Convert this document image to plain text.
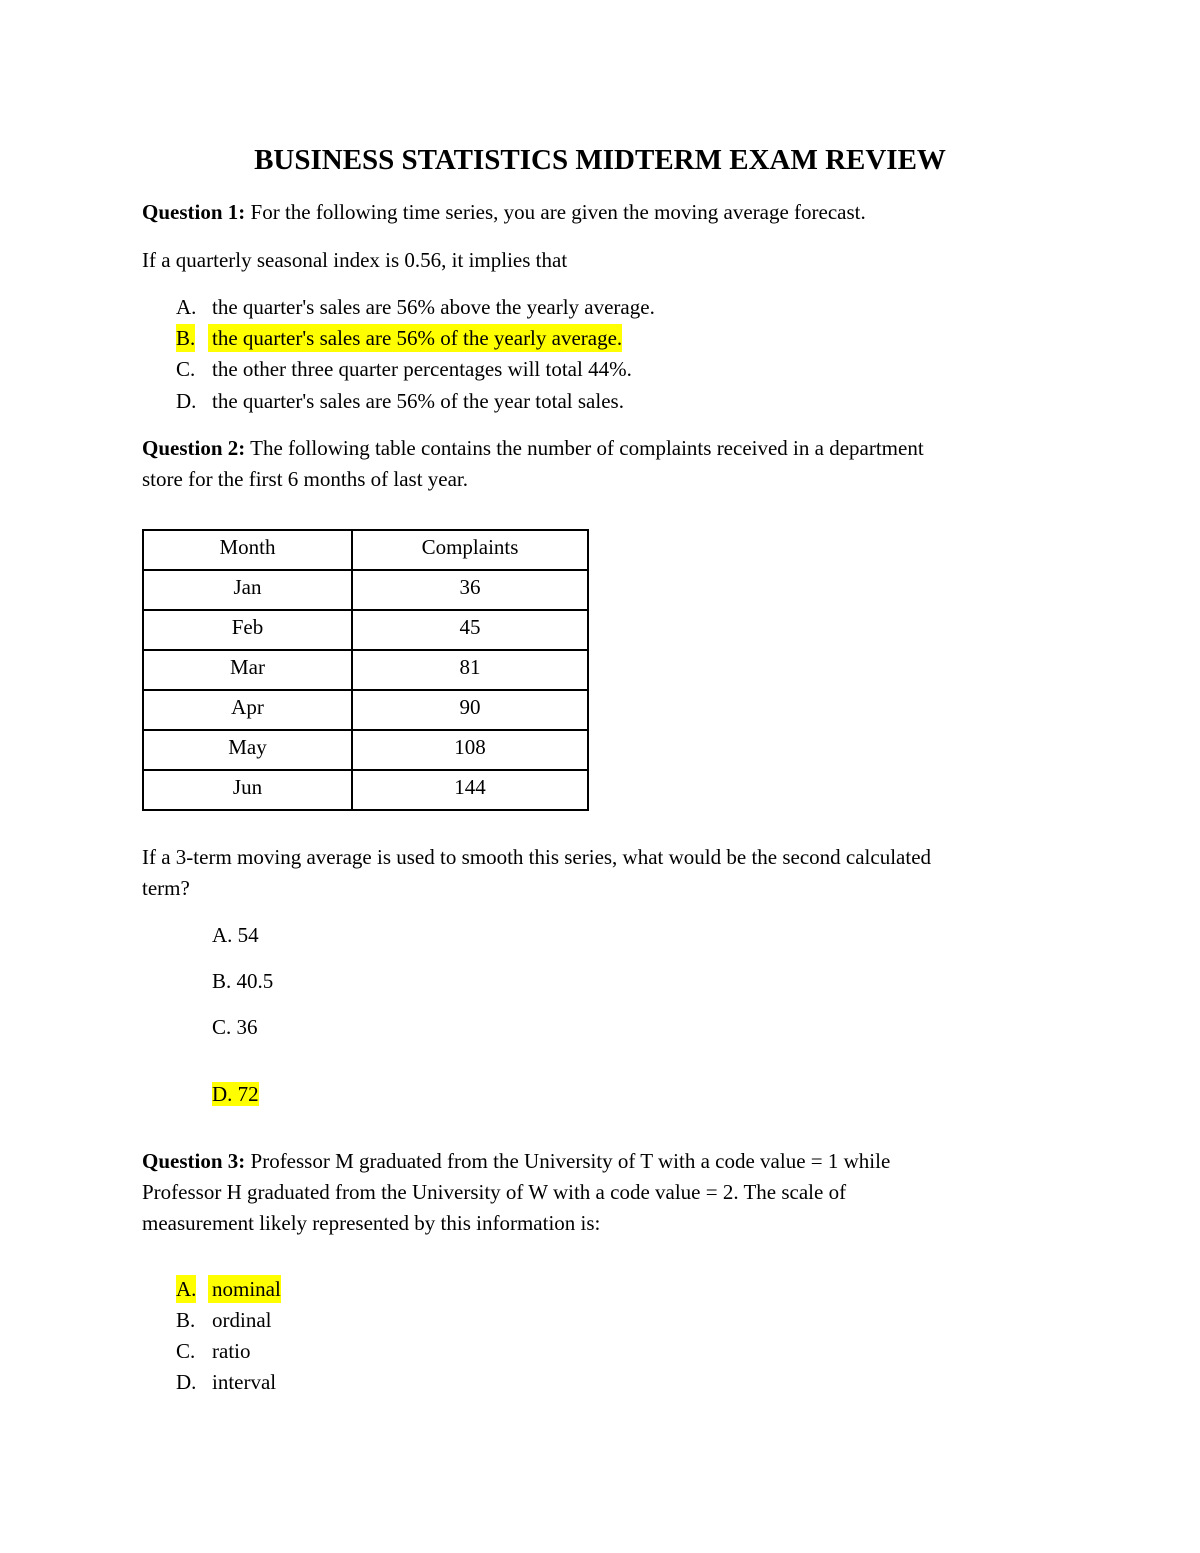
BUSINESS STATISTICS MIDTERM EXAM REVIEW
Question 1: For the following time series, you are given the moving average forecast.
If a quarterly seasonal index is 0.56, it implies that
A. the quarter's sales are 56% above the yearly average.
B. the quarter's sales are 56% of the yearly average.
C. the other three quarter percentages will total 44%.
D. the quarter's sales are 56% of the year total sales.
Question 2: The following table contains the number of complaints received in a department
store for the first 6 months of last year.
Month	Complaints
Jan	36
Feb	45
Mar	81
Apr	90
May	108
Jun	144
If a 3-term moving average is used to smooth this series, what would be the second calculated
term?
A. 54
B. 40.5
C. 36
D. 72
Question 3: Professor M graduated from the University of T with a code value = 1 while
Professor H graduated from the University of W with a code value = 2. The scale of
measurement likely represented by this information is:
A. nominal
B. ordinal
C. ratio
D. interval
